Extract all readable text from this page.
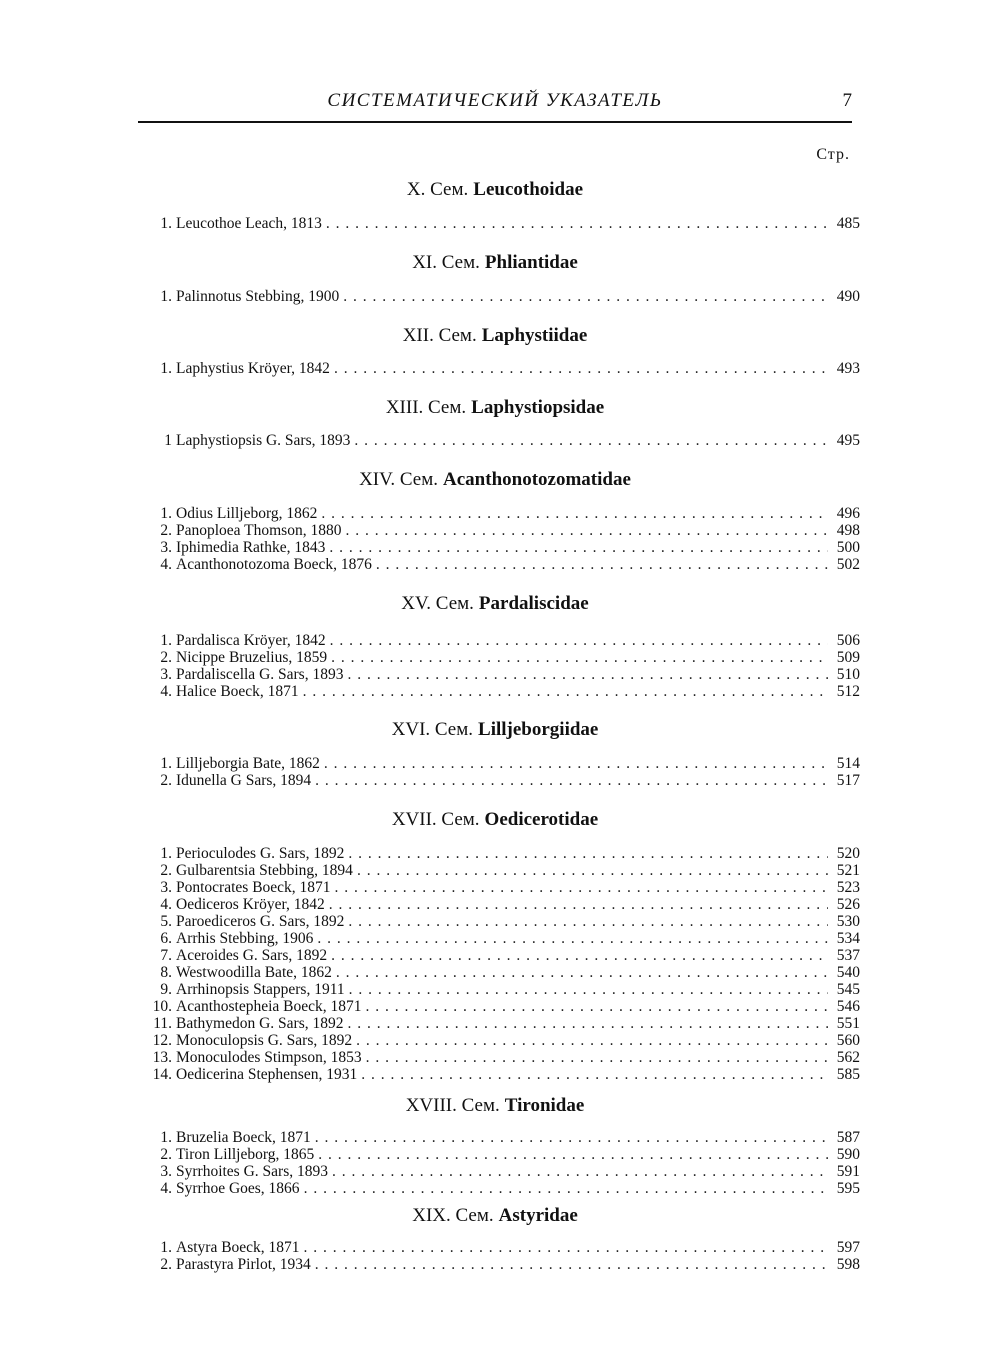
СИСТЕМАТИЧЕСКИЙ УКАЗАТЕЛЬ	7
Стр.
X. Сем. Leucothoidae
1. Leucothoe Leach, 1813 . . .	485
XI. Сем. Phliantidae
1. Palinnotus Stebbing, 1900 . . .	490
XII. Сем. Laphystiidae
1. Laphystius Kröyer, 1842 . . .	493
XIII. Сем. Laphystiopsidae
1 Laphystiopsis G. Sars, 1893 . . .	495
XIV. Сем. Acanthonotozomatidae
1. Odius Lilljeborg, 1862 . . .	496
2. Panoploea Thomson, 1880 . . .	498
3. Iphimedia Rathke, 1843 . . .	500
4. Acanthonotozoma Boeck, 1876 . . .	502
XV. Сем. Pardaliscidae
1. Pardalisca Kröyer, 1842 . . .	506
2. Nicippe Bruzelius, 1859 . . .	509
3. Pardaliscella G. Sars, 1893 . . .	510
4. Halice Boeck, 1871 . . .	512
XVI. Сем. Lilljeborgiidae
1. Lilljeborgia Bate, 1862 . . .	514
2. Idunella G Sars, 1894 . . .	517
XVII. Сем. Oedicerotidae
1. Perioculodes G. Sars, 1892 . . .	520
2. Gulbarentsia Stebbing, 1894 . . .	521
3. Pontocrates Boeck, 1871 . . .	523
4. Oediceros Kröyer, 1842 . . .	526
5. Paroediceros G. Sars, 1892 . . .	530
6. Arrhis Stebbing, 1906 . . .	534
7. Aceroides G. Sars, 1892 . . .	537
8. Westwoodilla Bate, 1862 . . .	540
9. Arrhinopsis Stappers, 1911 . . .	545
10. Acanthostepheia Boeck, 1871 . . .	546
11. Bathymedon G. Sars, 1892 . . .	551
12. Monoculopsis G. Sars, 1892 . . .	560
13. Monoculodes Stimpson, 1853 . . .	562
14. Oedicerina Stephensen, 1931 . . .	585
XVIII. Сем. Tironidae
1. Bruzelia Boeck, 1871 . . .	587
2. Tiron Lilljeborg, 1865 . . .	590
3. Syrrhoites G. Sars, 1893 . . .	591
4. Syrrhoe Goes, 1866 . . .	595
XIX. Сем. Astyridae
1. Astyra Boeck, 1871 . . .	597
2. Parastyra Pirlot, 1934 . . .	598
